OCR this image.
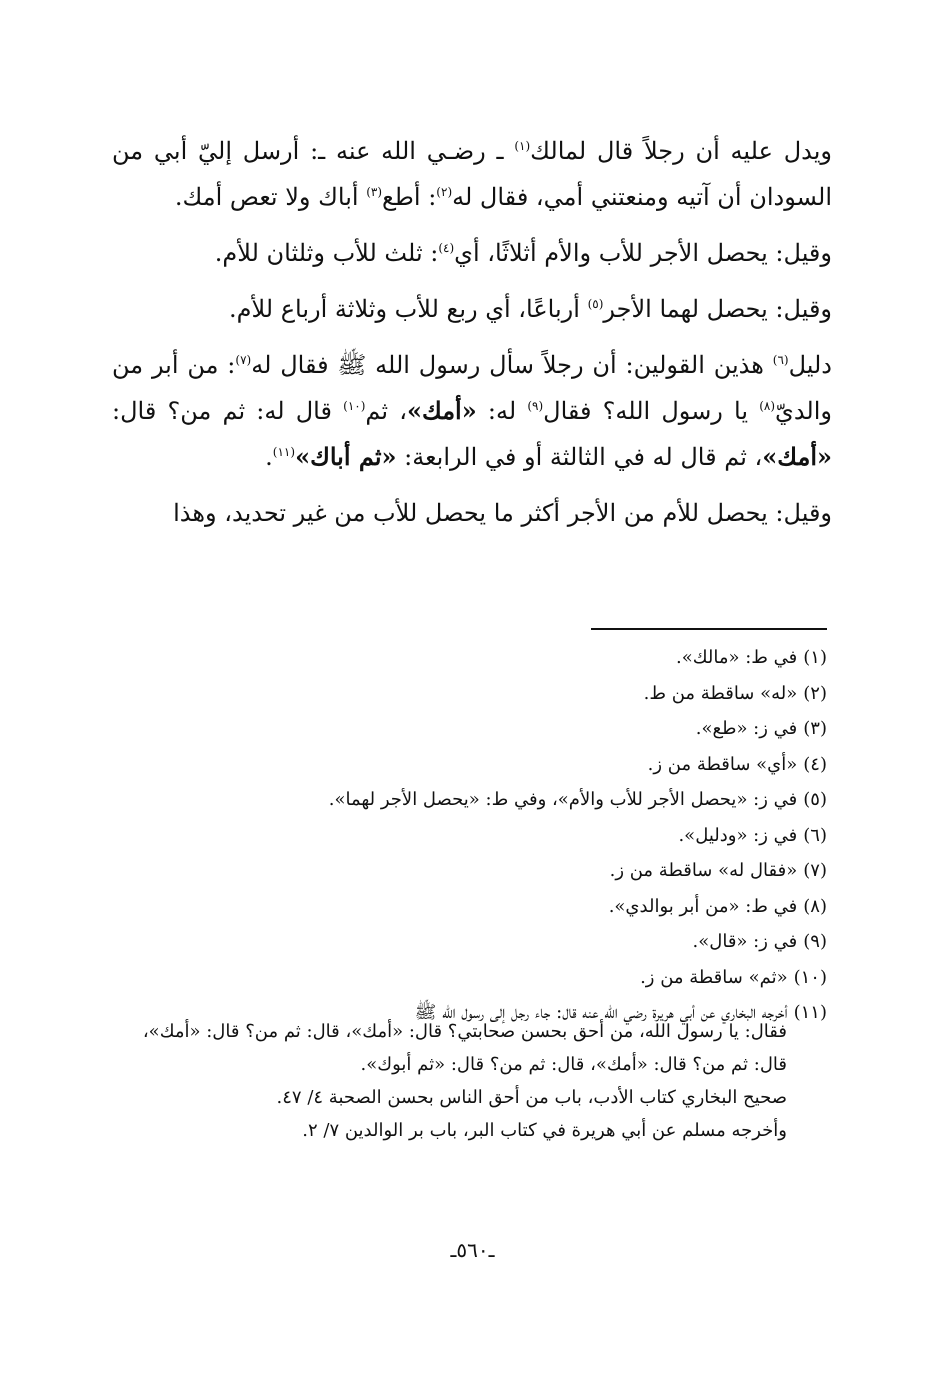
ويدل عليه أن رجلاً قال لمالك$^{(١)}$ ـ رضـي الله عنه ـ: أرسل إليّ أبي من السودان أن آتيه ومنعتني أمي، فقال له$^{(٢)}$: أطع$^{(٣)}$ أباك ولا تعص أمك.

وقيل: يحصل الأجر للأب والأم أثلاثًا، أي$^{(٤)}$: ثلث للأب وثلثان للأم.

وقيل: يحصل لهما الأجر$^{(٥)}$ أرباعًا، أي ربع للأب وثلاثة أرباع للأم.

دليل$^{(٦)}$ هذين القولين: أن رجلاً سأل رسول الله ﷺ فقال له$^{(٧)}$: من أبر من والديّ$^{(٨)}$ يا رسول الله؟ فقال$^{(٩)}$ له: «أمك»، ثم$^{(١٠)}$ قال له: ثم من؟ قال: «أمك»، ثم قال له في الثالثة أو في الرابعة: «ثم أباك»$^{(١١)}$.

وقيل: يحصل للأم من الأجر أكثر ما يحصل للأب من غير تحديد، وهذا

(١)في ط: «مالك».
(٢)«له» ساقطة من ط.
(٣)في ز: «طع».
(٤)«أي» ساقطة من ز.
(٥)في ز: «يحصل الأجر للأب والأم»، وفي ط: «يحصل الأجر لهما».
(٦)في ز: «ودليل».
(٧)«فقال له» ساقطة من ز.
(٨)في ط: «من أبر بوالدي».
(٩)في ز: «قال».
(١٠)«ثم» ساقطة من ز.
(١١)أخرجه البخاري عن أبي هريرة رضي الله عنه قال: جاء رجل إلى رسول الله ﷺ
فقال: يا رسول الله، من أحق بحسن صحابتي؟ قال: «أمك»، قال: ثم من؟ قال: «أمك»، قال: ثم من؟ قال: «أمك»، قال: ثم من؟ قال: «ثم أبوك».
صحيح البخاري كتاب الأدب، باب من أحق الناس بحسن الصحبة ٤/ ٤٧.
وأخرجه مسلم عن أبي هريرة في كتاب البر، باب بر الوالدين ٧/ ٢.
ـ٥٦٠ـ
